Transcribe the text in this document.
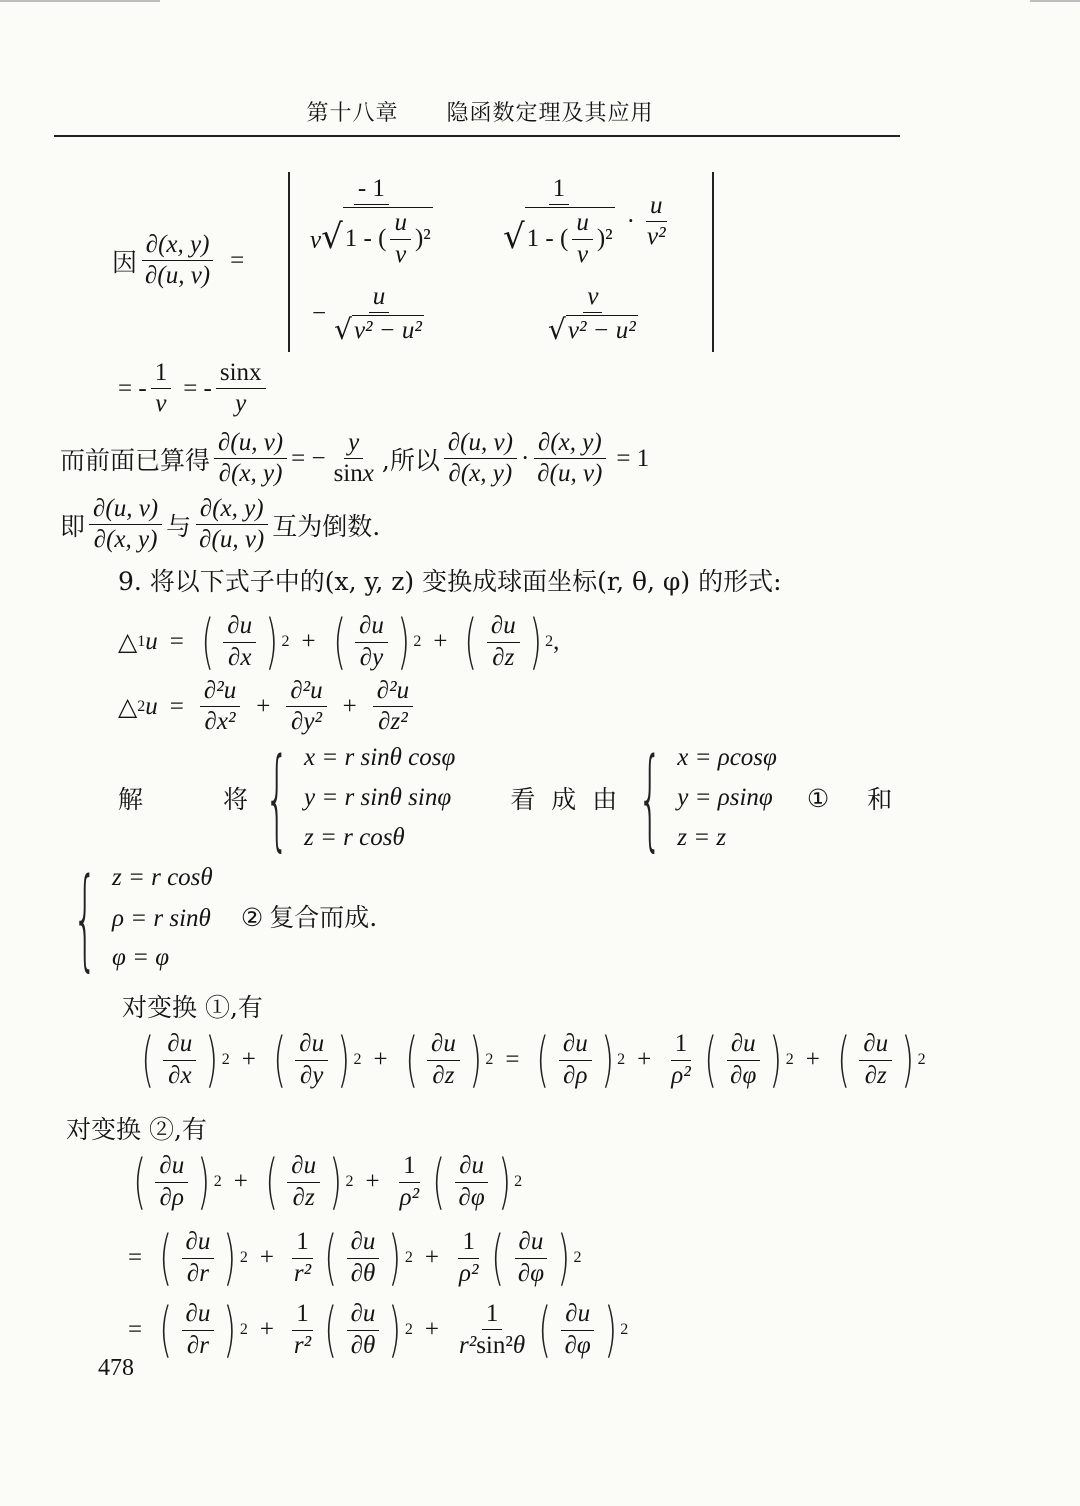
第十八章 隐函数定理及其应用
因 $\frac{\partial(x, y)}{\partial(u, v)} = \frac{- 1}{v √ 1 - ( \frac{u}{v} )^2} \frac{1}{√ 1 - ( \frac{u}{v} )^2} \cdot \frac{u}{\text{v²}}$
− $\frac{u}{\text{√ v² − u²}}$	$\frac{v}{\text{√ v² − u²}}$
= - $\frac{1}{v}$ = - $\frac{\sin x}{y}$
而前面已算得 $\frac{\partial(u, v)}{\partial(x, y)}$ = − $\frac{y}{\sin x}$ ,所以 $\frac{\partial(u, v)}{\partial(x, y)} \cdot \frac{\partial(x, y)}{\partial(u, v)} = 1$
即 $\frac{\partial(u, v)}{\partial(x, y)}$ 与 $\frac{\partial(x, y)}{\partial(u, v)}$ 互为倒数.
9. 将以下式子中的(x, y, z) 变换成球面坐标(r, θ, φ) 的形式:
△ 1 u = ( $\frac{\partial u}{\partial x}$ ) 2 + ( $\frac{\partial u}{\partial y}$ ) 2 + ( $\frac{\partial u}{\partial z}$ ) 2 ,
△ 2 $u = \frac{\text{∂²u}}{\text{∂x²}} + \frac{\text{∂²u}}{\text{∂y²}} + \frac{\text{∂²u}}{\text{∂z²}}$
解	将 { x = r sinθ cosφ
y = r sinθ sinφ
z = r cosθ
看 成 由 { x = ρcosφ
y = ρsinφ
z = z
① 和
{ z = r cosθ
ρ = r sinθ ② 复合而成.
φ = φ
对变换 ①,有
( $\frac{\partial u}{\partial x}$ ) 2 + ( $\frac{\partial u}{\partial y}$ ) 2 + ( $\frac{\partial u}{\partial z}$ ) 2 = ( $\frac{\partial u}{\partial\rho}$ ) $2 + \frac{1}{\text{ρ²}}$ ( $\frac{\partial u}{\partial\varphi}$ ) 2 + ( $\frac{\partial u}{\partial z}$ ) 2
对变换 ②,有
( $\frac{\partial u}{\partial\rho}$ ) 2 + ( $\frac{\partial u}{\partial z}$ ) $2 + \frac{1}{\text{ρ²}}$ ( $\frac{\partial u}{\partial\varphi}$ ) 2
= ( $\frac{\partial u}{\partial r}$ ) $2 + \frac{1}{\text{r²}}$ ( $\frac{\partial u}{\partial\theta}$ ) $2 + \frac{1}{\text{ρ²}}$ ( $\frac{\partial u}{\partial\varphi}$ ) 2
= ( $\frac{\partial u}{\partial r}$ ) $2 + \frac{1}{\text{r²}}$ ( $\frac{\partial u}{\partial\theta}$ ) $2 + \frac{1}{\text{r²sin²θ}}$ ( $\frac{\partial u}{\partial\varphi}$ ) 2
478
